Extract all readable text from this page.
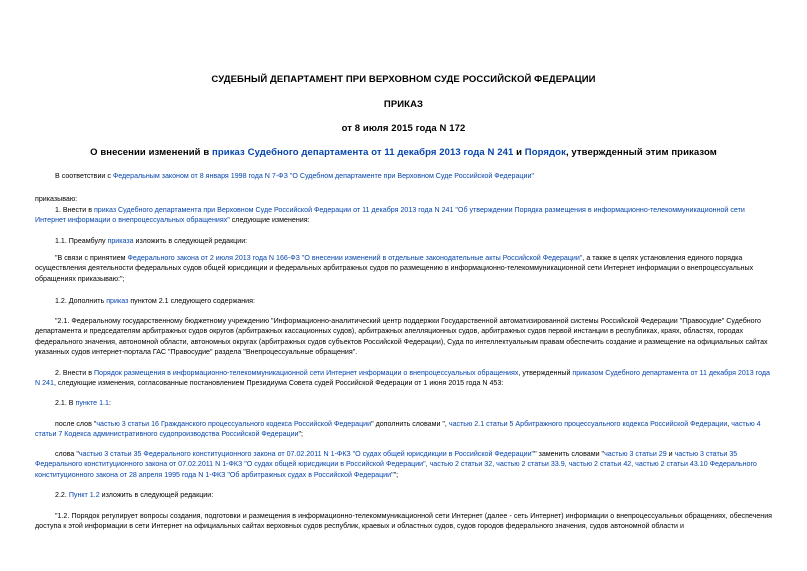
СУДЕБНЫЙ ДЕПАРТАМЕНТ ПРИ ВЕРХОВНОМ СУДЕ РОССИЙСКОЙ ФЕДЕРАЦИИ
ПРИКАЗ
от 8 июля 2015 года N 172
О внесении изменений в приказ Судебного департамента от 11 декабря 2013 года N 241 и Порядок, утвержденный этим приказом

В соответствии с Федеральным законом от 8 января 1998 года N 7-ФЗ "О Судебном департаменте при Верховном Суде Российской Федерации"

приказываю:

1. Внести в приказ Судебного департамента при Верховном Суде Российской Федерации от 11 декабря 2013 года N 241 "Об утверждении Порядка размещения в информационно-телекоммуникационной сети Интернет информации о внепроцессуальных обращениях" следующие изменения:

1.1. Преамбулу приказа изложить в следующей редакции:

"В связи с принятием Федерального закона от 2 июля 2013 года N 166-ФЗ "О внесении изменений в отдельные законодательные акты Российской Федерации", а также в целях установления единого порядка осуществления деятельности федеральных судов общей юрисдикции и федеральных арбитражных судов по размещению в информационно-телекоммуникационной сети Интернет информации о внепроцессуальных обращениях приказываю:";

1.2. Дополнить приказ пунктом 2.1 следующего содержания:

"2.1. Федеральному государственному бюджетному учреждению "Информационно-аналитический центр поддержки Государственной автоматизированной системы Российской Федерации "Правосудие" Судебного департамента и председателям арбитражных судов округов (арбитражных кассационных судов), арбитражных апелляционных судов, арбитражных судов первой инстанции в республиках, краях, областях, городах федерального значения, автономной области, автономных округах (арбитражных судов субъектов Российской Федерации), Суда по интеллектуальным правам обеспечить создание и размещение на официальных сайтах указанных судов интернет-портала ГАС "Правосудие" раздела "Внепроцессуальные обращения".

2. Внести в Порядок размещения в информационно-телекоммуникационной сети Интернет информации о внепроцессуальных обращениях, утвержденный приказом Судебного департамента от 11 декабря 2013 года N 241, следующие изменения, согласованные постановлением Президиума Совета судей Российской Федерации от 1 июня 2015 года N 453:

2.1. В пункте 1.1:

после слов "частью 3 статьи 16 Гражданского процессуального кодекса Российской Федерации" дополнить словами ", частью 2.1 статьи 5 Арбитражного процессуального кодекса Российской Федерации, частью 4 статьи 7 Кодекса административного судопроизводства Российской Федерации";

слова "частью 3 статьи 35 Федерального конституционного закона от 07.02.2011 N 1-ФКЗ "О судах общей юрисдикции в Российской Федерации"" заменить словами "частью 3 статьи 29 и частью 3 статьи 35 Федерального конституционного закона от 07.02.2011 N 1-ФКЗ "О судах общей юрисдикции в Российской Федерации", частью 2 статьи 32, частью 2 статьи 33.9, частью 2 статьи 42, частью 2 статьи 43.10 Федерального конституционного закона от 28 апреля 1995 года N 1-ФКЗ "Об арбитражных судах в Российской Федерации"";

2.2. Пункт 1.2 изложить в следующей редакции:

"1.2. Порядок регулирует вопросы создания, подготовки и размещения в информационно-телекоммуникационной сети Интернет (далее - сеть Интернет) информации о внепроцессуальных обращениях, обеспечения доступа к этой информации в сети Интернет на официальных сайтах верховных судов республик, краевых и областных судов, судов городов федерального значения, судов автономной области и
